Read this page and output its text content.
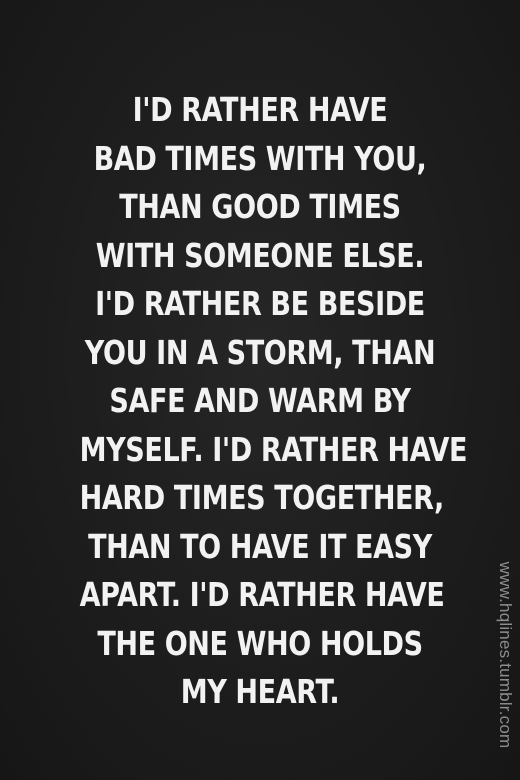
I'D RATHER HAVE
BAD TIMES WITH YOU,
THAN GOOD TIMES
WITH SOMEONE ELSE.
I'D RATHER BE BESIDE
YOU IN A STORM, THAN
SAFE AND WARM BY
MYSELF. I'D RATHER HAVE
HARD TIMES TOGETHER,
THAN TO HAVE IT EASY
APART. I'D RATHER HAVE
THE ONE WHO HOLDS
MY HEART.	www.hqlines.tumblr.com
